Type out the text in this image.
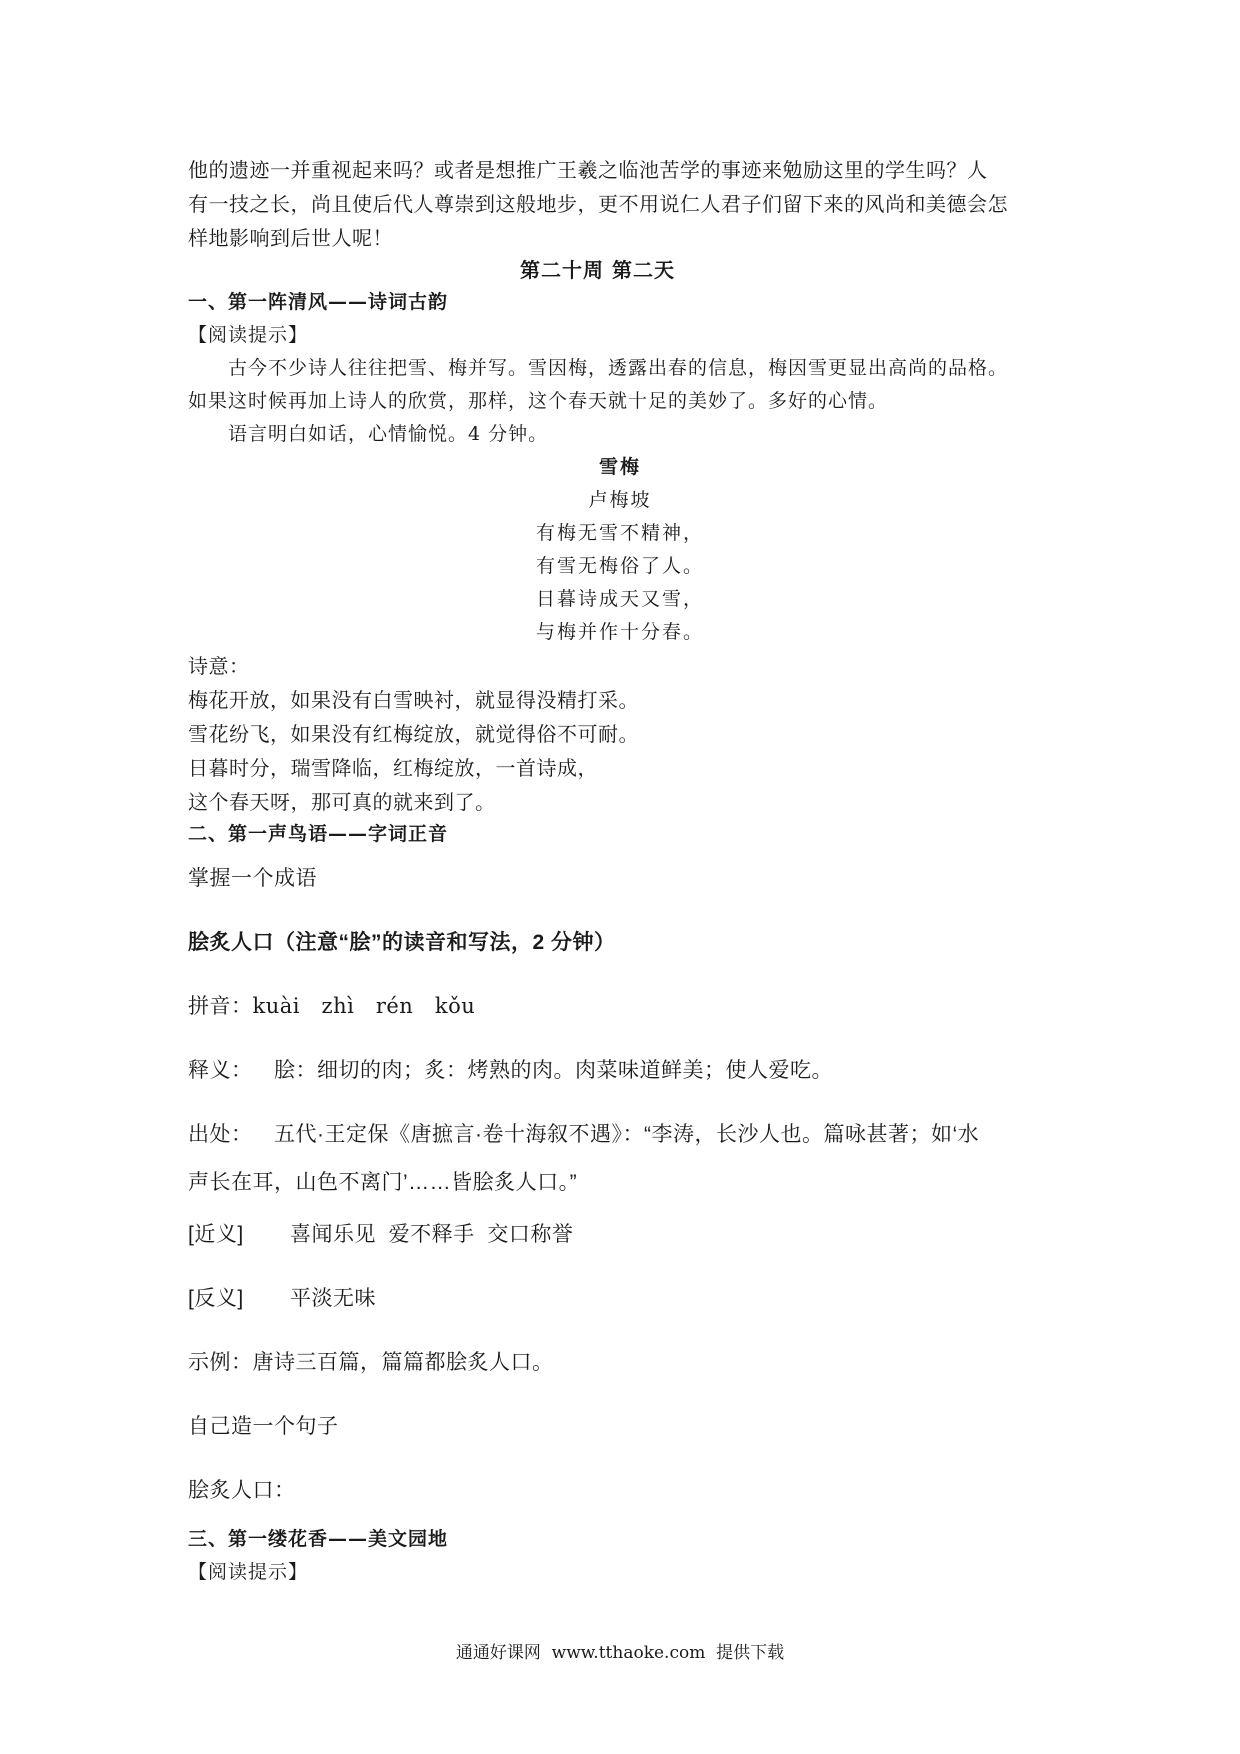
他的遗迹一并重视起来吗？或者是想推广王羲之临池苦学的事迹来勉励这里的学生吗？人
有一技之长，尚且使后代人尊崇到这般地步，更不用说仁人君子们留下来的风尚和美德会怎
样地影响到后世人呢！
第二十周 第二天
一、第一阵清风——诗词古韵
【阅读提示】
古今不少诗人往往把雪、梅并写。雪因梅，透露出春的信息，梅因雪更显出高尚的品格。
如果这时候再加上诗人的欣赏，那样，这个春天就十足的美妙了。多好的心情。
语言明白如话，心情愉悦。4 分钟。
雪梅
卢梅坡
有梅无雪不精神，
有雪无梅俗了人。
日暮诗成天又雪，
与梅并作十分春。
诗意：
梅花开放，如果没有白雪映衬，就显得没精打采。
雪花纷飞，如果没有红梅绽放，就觉得俗不可耐。
日暮时分，瑞雪降临，红梅绽放，一首诗成，
这个春天呀，那可真的就来到了。
二、第一声鸟语——字词正音
掌握一个成语
脍炙人口（注意“脍”的读音和写法，2 分钟）
拼音：kuài   zhì   rén   kǒu
释义： 脍：细切的肉；炙：烤熟的肉。肉菜味道鲜美；使人爱吃。
出处： 五代·王定保《唐摭言·卷十海叙不遇》：“李涛，长沙人也。篇咏甚著；如‘水
声长在耳，山色不离门’……皆脍炙人口。”
[近义] 喜闻乐见  爱不释手  交口称誉
[反义] 平淡无味
示例：唐诗三百篇，篇篇都脍炙人口。
自己造一个句子
脍炙人口：
三、第一缕花香——美文园地
【阅读提示】
通通好课网  www.tthaoke.com  提供下载
